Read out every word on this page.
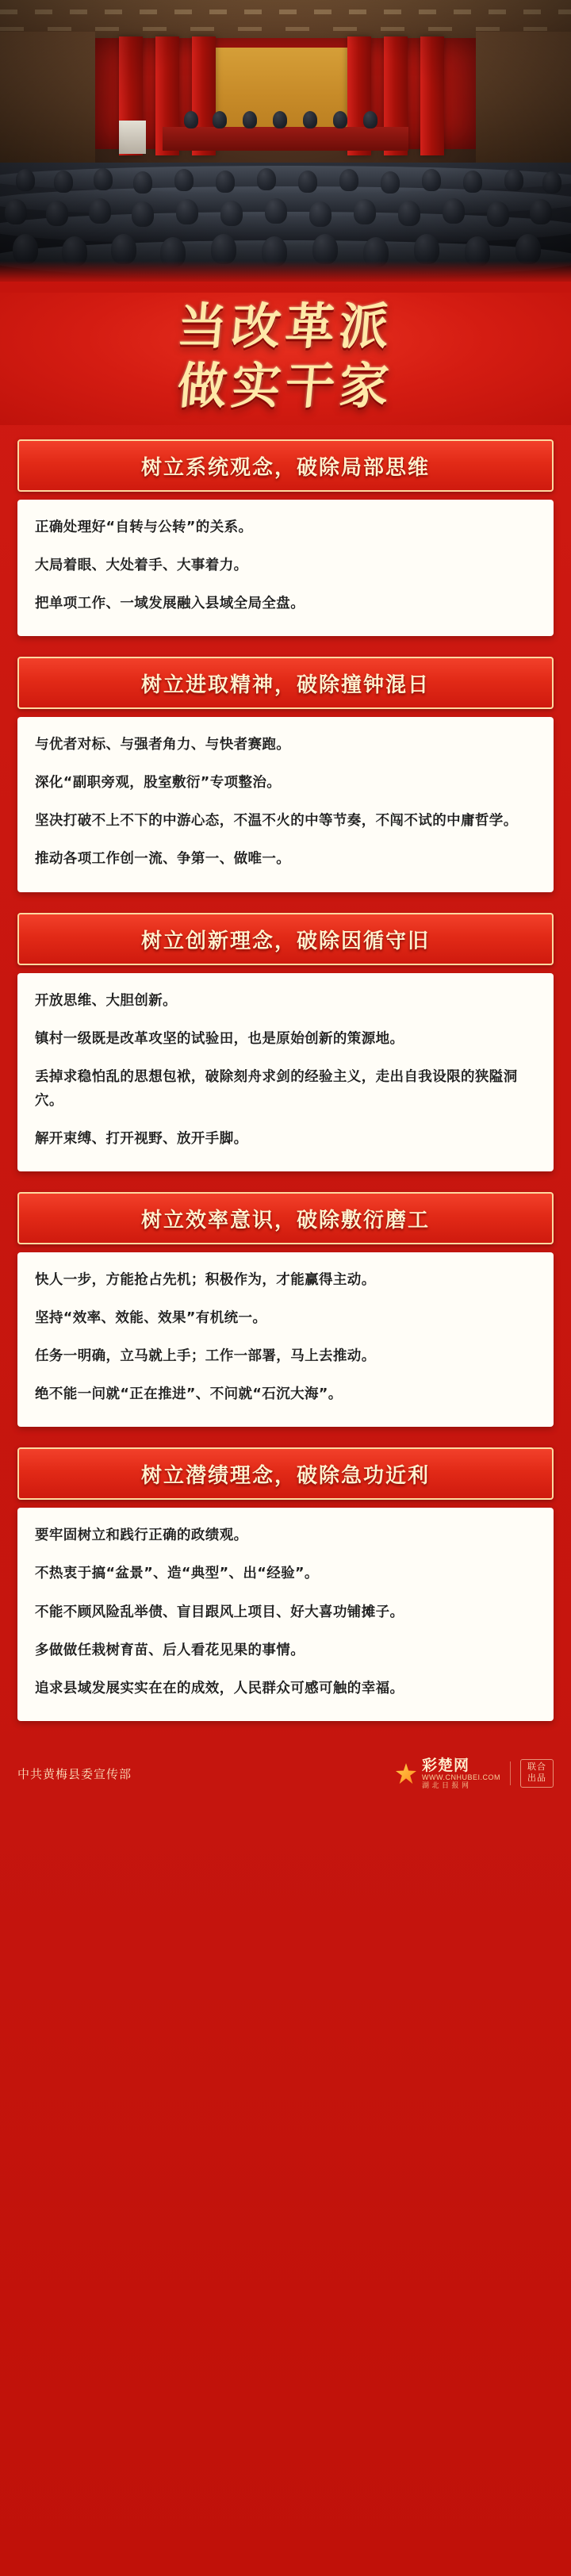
当改革派
做实干家
树立系统观念，破除局部思维
正确处理好“自转与公转”的关系。
大局着眼、大处着手、大事着力。
把单项工作、一域发展融入县域全局全盘。
树立进取精神，破除撞钟混日
与优者对标、与强者角力、与快者赛跑。
深化“副职旁观，股室敷衍”专项整治。
坚决打破不上不下的中游心态，不温不火的中等节奏，不闯不试的中庸哲学。
推动各项工作创一流、争第一、做唯一。
树立创新理念，破除因循守旧
开放思维、大胆创新。
镇村一级既是改革攻坚的试验田，也是原始创新的策源地。
丢掉求稳怕乱的思想包袱，破除刻舟求剑的经验主义，走出自我设限的狭隘洞穴。
解开束缚、打开视野、放开手脚。
树立效率意识，破除敷衍磨工
快人一步，方能抢占先机；积极作为，才能赢得主动。
坚持“效率、效能、效果”有机统一。
任务一明确，立马就上手；工作一部署，马上去推动。
绝不能一问就“正在推进”、不问就“石沉大海”。
树立潜绩理念，破除急功近利
要牢固树立和践行正确的政绩观。
不热衷于搞“盆景”、造“典型”、出“经验”。
不能不顾风险乱举债、盲目跟风上项目、好大喜功铺摊子。
多做做任栽树育苗、后人看花见果的事情。
追求县域发展实实在在的成效，人民群众可感可触的幸福。
中共黄梅县委宣传部	彩楚网
WWW.CNHUBEI.COM
湖 北 日 报 网
联合
出品
